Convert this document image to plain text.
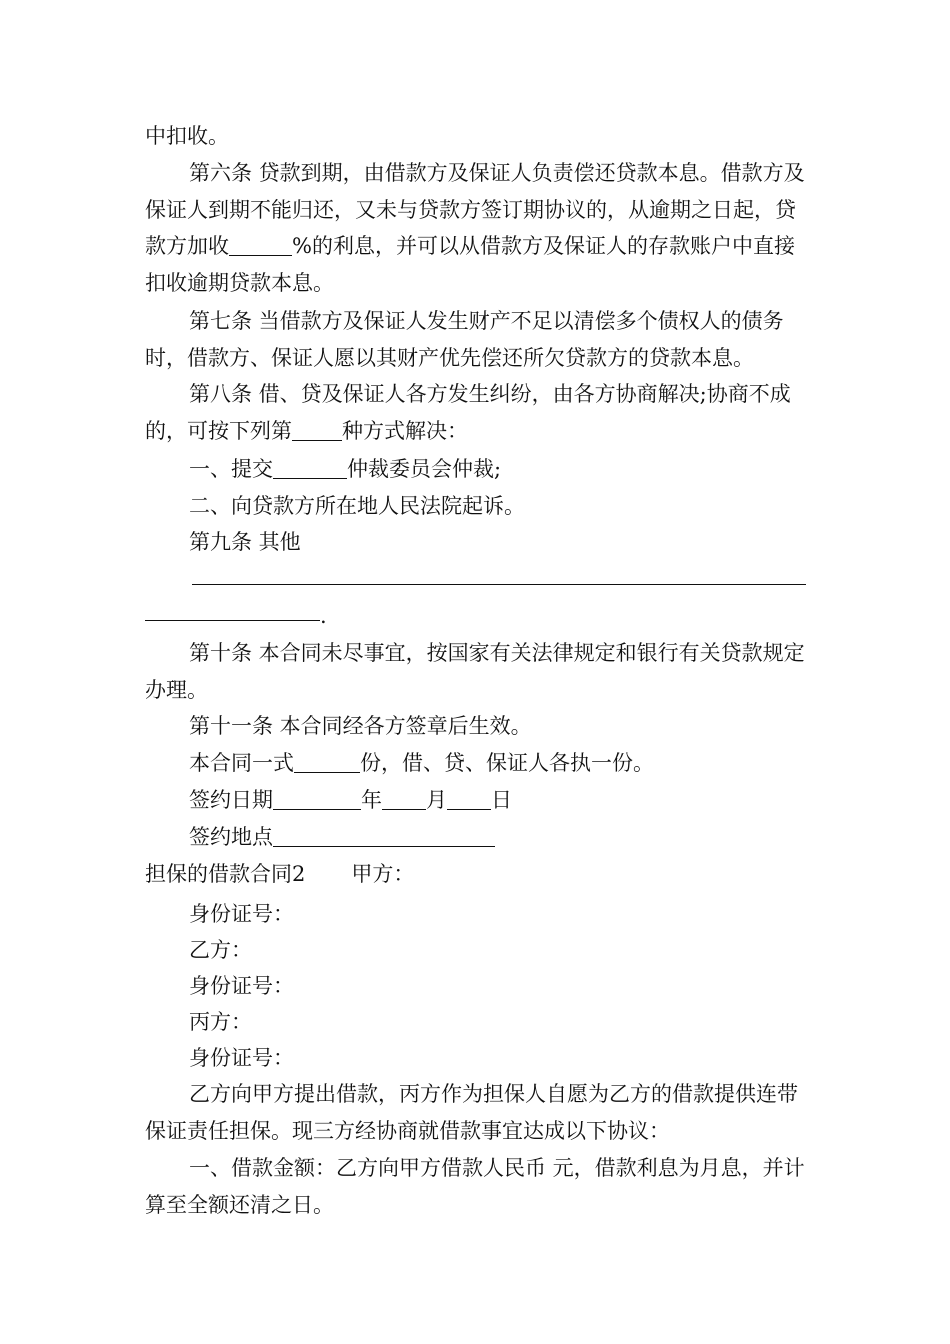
中扣收。

第六条 贷款到期，由借款方及保证人负责偿还贷款本息。借款方及保证人到期不能归还，又未与贷款方签订期协议的，从逾期之日起，贷款方加收	%的利息，并可以从借款方及保证人的存款账户中直接扣收逾期贷款本息。

第七条 当借款方及保证人发生财产不足以清偿多个债权人的债务时，借款方、保证人愿以其财产优先偿还所欠贷款方的贷款本息。

第八条 借、贷及保证人各方发生纠纷，由各方协商解决;协商不成的，可按下列第 种方式解决：

一、提交	仲裁委员会仲裁;

二、向贷款方所在地人民法院起诉。

第九条 其他

.

第十条 本合同未尽事宜，按国家有关法律规定和银行有关贷款规定办理。

第十一条 本合同经各方签章后生效。

本合同一式	份，借、贷、保证人各执一份。

签约日期	年 月 日

签约地点

担保的借款合同2 甲方：

身份证号：

乙方：

身份证号：

丙方：

身份证号：

乙方向甲方提出借款，丙方作为担保人自愿为乙方的借款提供连带保证责任担保。现三方经协商就借款事宜达成以下协议：

一、借款金额：乙方向甲方借款人民币 元，借款利息为月息，并计算至全额还清之日。
